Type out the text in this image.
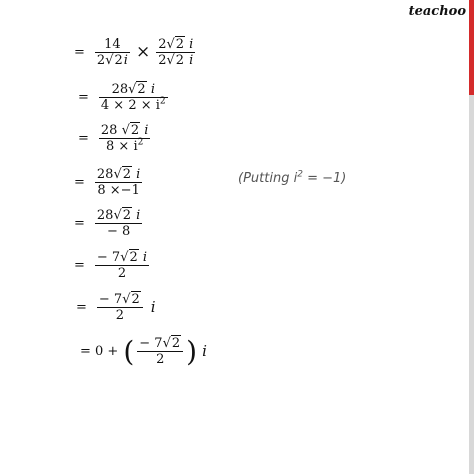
teachoo
= $\frac{14}{2√2i} \times \frac{2√2 i}{2√2 i}$
= $\frac{28√2 i}{4 \times 2 \times i^2}$
= $\frac{28 √2 i}{8 \times i^2}$
= $\frac{28√2 i}{8 \times-1}$	(Putting $i^2 = -1$)
= $\frac{28√2 i}{- 8}$
= $\frac{- 7√2 i}{2}$
= $\frac{- 7√2}{2}$ i
= 0 + ( $\frac{- 7√2}{2}$ ) i
